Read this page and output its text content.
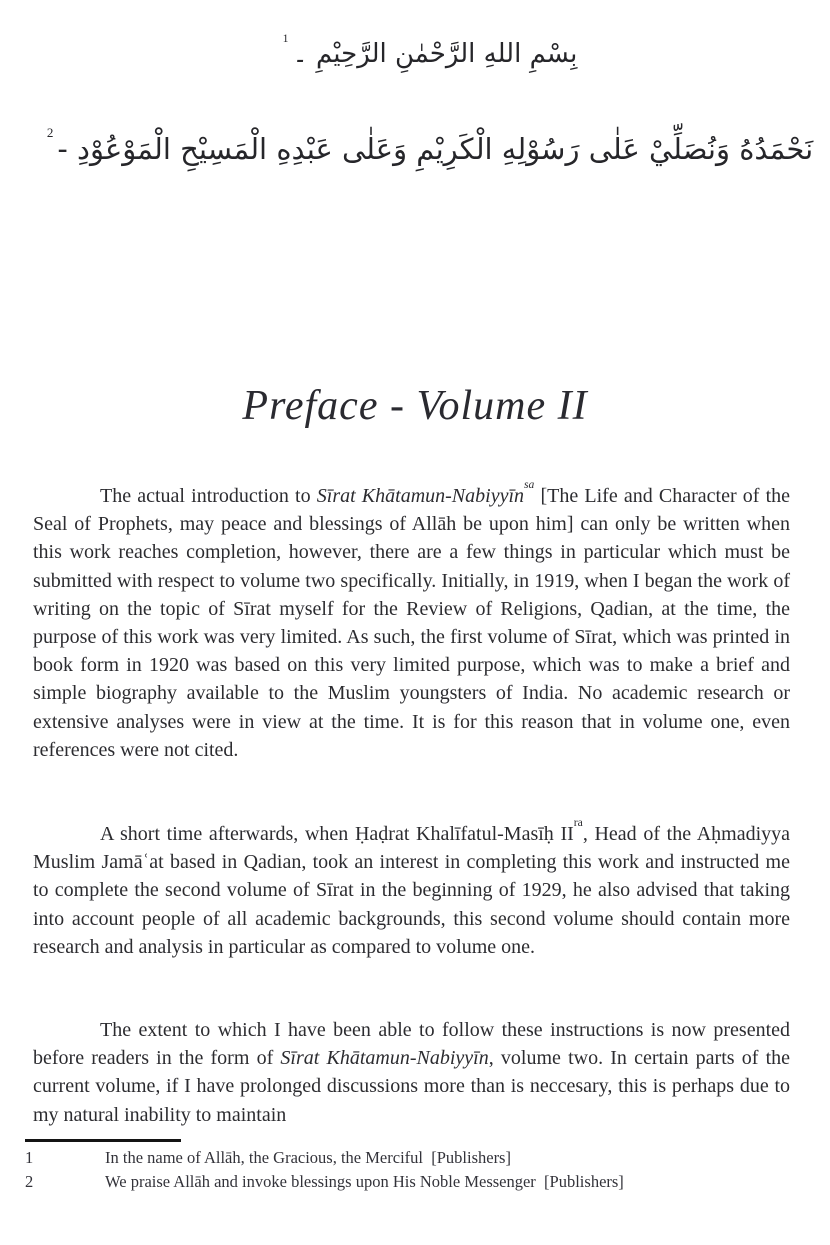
بِسْمِ اللهِ الرَّحْمٰنِ الرَّحِيْمِ ۔$^1$
نَحْمَدُهُ وَنُصَلِّيْ عَلٰى رَسُوْلِهِ الْكَرِيْمِ وَعَلٰى عَبْدِهِ الْمَسِيْحِ الْمَوْعُوْدِ -$^2$
Preface - Volume II

The actual introduction to Sīrat Khātamun-Nabiyyīn$^{sa}$ [The Life and Character of the Seal of Prophets, may peace and blessings of Allāh be upon him] can only be written when this work reaches completion, however, there are a few things in particular which must be submitted with respect to volume two specifically. Initially, in 1919, when I began the work of writing on the topic of Sīrat myself for the Review of Religions, Qadian, at the time, the purpose of this work was very limited. As such, the first volume of Sīrat, which was printed in book form in 1920 was based on this very limited purpose, which was to make a brief and simple biography available to the Muslim youngsters of India. No academic research or extensive analyses were in view at the time. It is for this reason that in volume one, even references were not cited.

A short time afterwards, when Ḥaḍrat Khalīfatul-Masīḥ $II^{ra}$, Head of the Aḥmadiyya Muslim Jamāʿat based in Qadian, took an interest in completing this work and instructed me to complete the second volume of Sīrat in the beginning of 1929, he also advised that taking into account people of all academic backgrounds, this second volume should contain more research and analysis in particular as compared to volume one.

The extent to which I have been able to follow these instructions is now presented before readers in the form of Sīrat Khātamun-Nabiyyīn, volume two. In certain parts of the current volume, if I have prolonged discussions more than is neccesary, this is perhaps due to my natural inability to maintain

1	In the name of Allāh, the Gracious, the Merciful  [Publishers]
2	We praise Allāh and invoke blessings upon His Noble Messenger  [Publishers]
